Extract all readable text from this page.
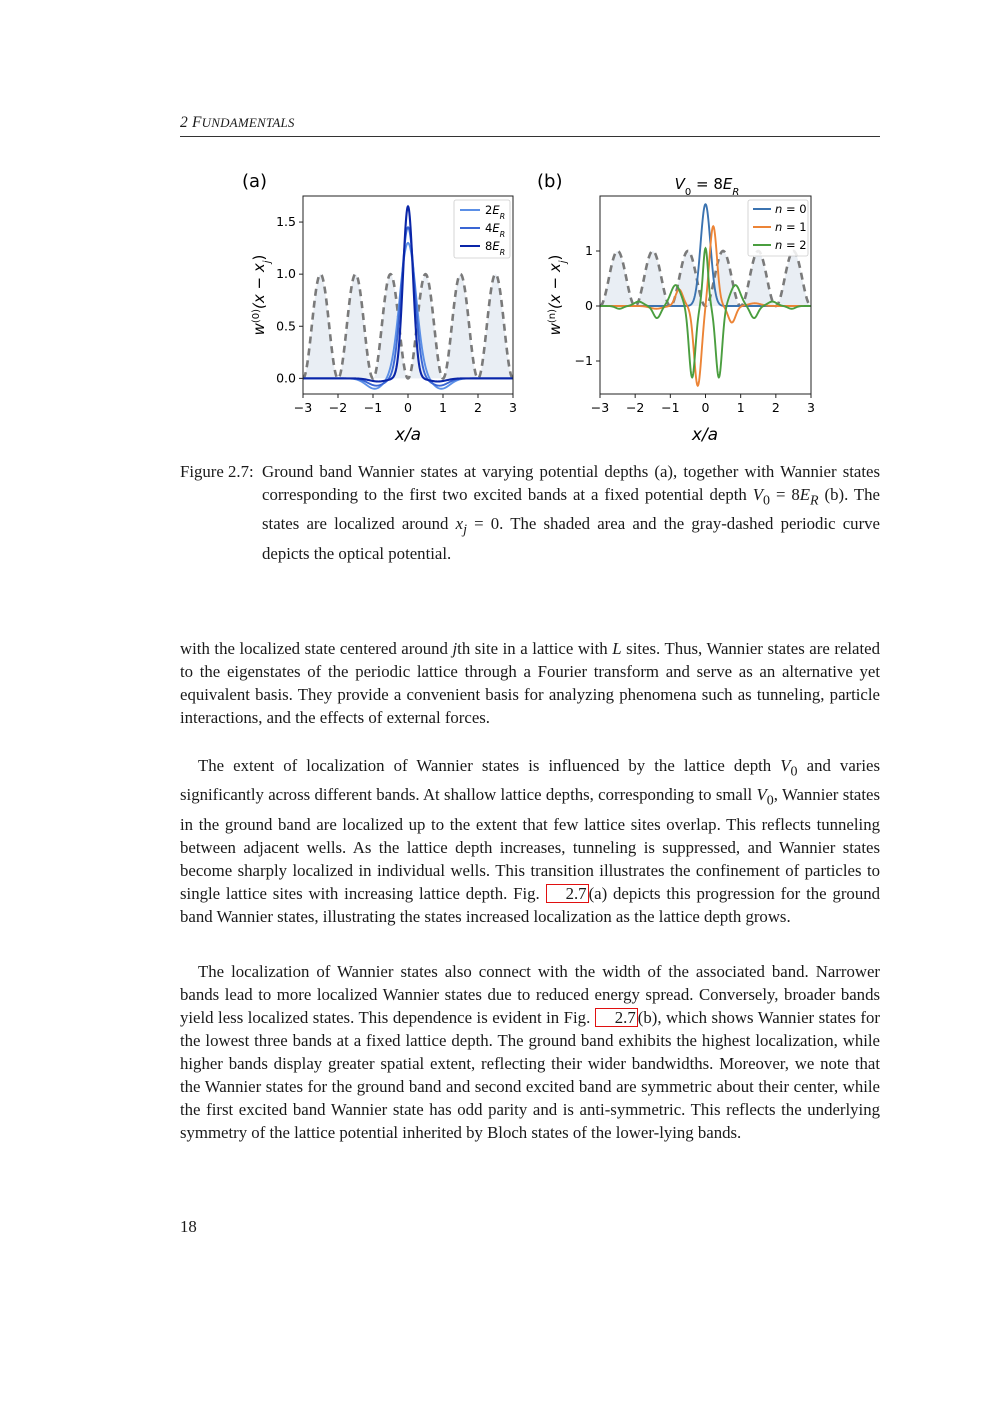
2 FUNDAMENTALS
(a)
−3 −2 −1 0 1 2 3
0.0
0.5
1.0
1.5
x/a
$w^{(0)}(x - x_j)$
$2E_R$
$4E_R$
$8E_R$
(b)	$V_0 = 8E_R$
−3 −2 −1 0 1 2 3
−1
0
1
x/a
$w^{(n)}(x - x_j)$
n = 0
n = 1
n = 2
Figure 2.7: Ground band Wannier states at varying potential depths (a), together with Wannier states corresponding to the first two excited bands at a fixed potential depth $V_0 = 8E_R$ (b). The states are localized around $x_j = 0$. The shaded area and the gray-dashed periodic curve depicts the optical potential.

with the localized state centered around jth site in a lattice with L sites. Thus, Wannier states are related to the eigenstates of the periodic lattice through a Fourier transform and serve as an alternative yet equivalent basis. They provide a convenient basis for analyzing phenomena such as tunneling, particle interactions, and the effects of external forces.

The extent of localization of Wannier states is influenced by the lattice depth $V_0$ and varies significantly across different bands. At shallow lattice depths, corresponding to small $V_0$, Wannier states in the ground band are localized up to the extent that few lattice sites overlap. This reflects tunneling between adjacent wells. As the lattice depth increases, tunneling is suppressed, and Wannier states become sharply localized in individual wells. This transition illustrates the confinement of particles to single lattice sites with increasing lattice depth. Fig. 2.7 (a) depicts this progression for the ground band Wannier states, illustrating the states increased localization as the lattice depth grows.

The localization of Wannier states also connect with the width of the associated band. Narrower bands lead to more localized Wannier states due to reduced energy spread. Conversely, broader bands yield less localized states. This dependence is evident in Fig. 2.7 (b), which shows Wannier states for the lowest three bands at a fixed lattice depth. The ground band exhibits the highest localization, while higher bands display greater spatial extent, reflecting their wider bandwidths. Moreover, we note that the Wannier states for the ground band and second excited band are symmetric about their center, while the first excited band Wannier state has odd parity and is anti-symmetric. This reflects the underlying symmetry of the lattice potential inherited by Bloch states of the lower-lying bands.

18
